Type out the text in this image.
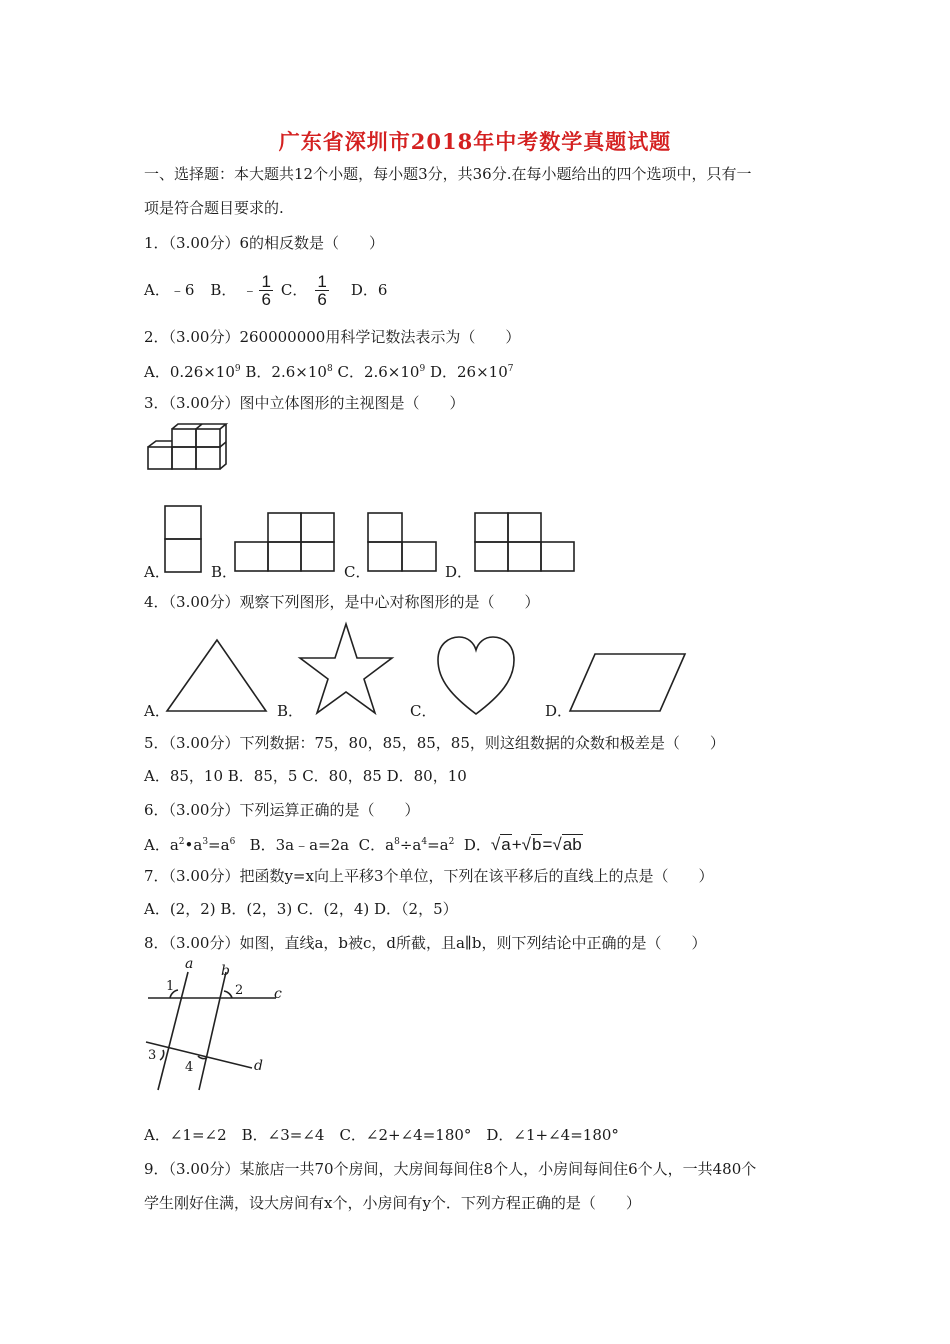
广东省深圳市2018年中考数学真题试题
一、选择题：本大题共12个小题，每小题3分，共36分.在每小题给出的四个选项中，只有一
项是符合题目要求的.
1．（3.00分）6的相反数是（　　）
A．﹣6 B． ﹣ $\frac{1}{6}$ C． $\frac{1}{6}$ D．6
2．（3.00分）260000000用科学记数法表示为（　　）
A．$0.26\times 10^9$ B．$2.6\times 10^8$ C．$2.6\times 10^9$ D．$26\times 10^7$
3．（3.00分）图中立体图形的主视图是（　　）
A．	B．	C．	D．
4．（3.00分）观察下列图形，是中心对称图形的是（　　）
A．	B．	C．	D．
5．（3.00分）下列数据：75，80，85，85，85，则这组数据的众数和极差是（　　）
A．85，10 B．85，5 C．80，85 D．80，10
6．（3.00分）下列运算正确的是（　　）
A．$a^2•a^3=a^6$ B．3a﹣a=2a C．$a^8\div a^4=a^2$ D．√a+√b=√ab
7．（3.00分）把函数y=x向上平移3个单位，下列在该平移后的直线上的点是（　　）
A．(2，2) B．(2，3) C．(2，4) D．（2，5）
8．（3.00分）如图，直线a，b被c，d所截，且a∥b，则下列结论中正确的是（　　）
a b
c
d
1	2
3
4
A．∠1=∠2　B．∠3=∠4　C．∠2+∠4=180°　D．∠1+∠4=180°
9．（3.00分）某旅店一共70个房间，大房间每间住8个人，小房间每间住6个人，一共480个
学生刚好住满，设大房间有x个，小房间有y个．下列方程正确的是（　　）
